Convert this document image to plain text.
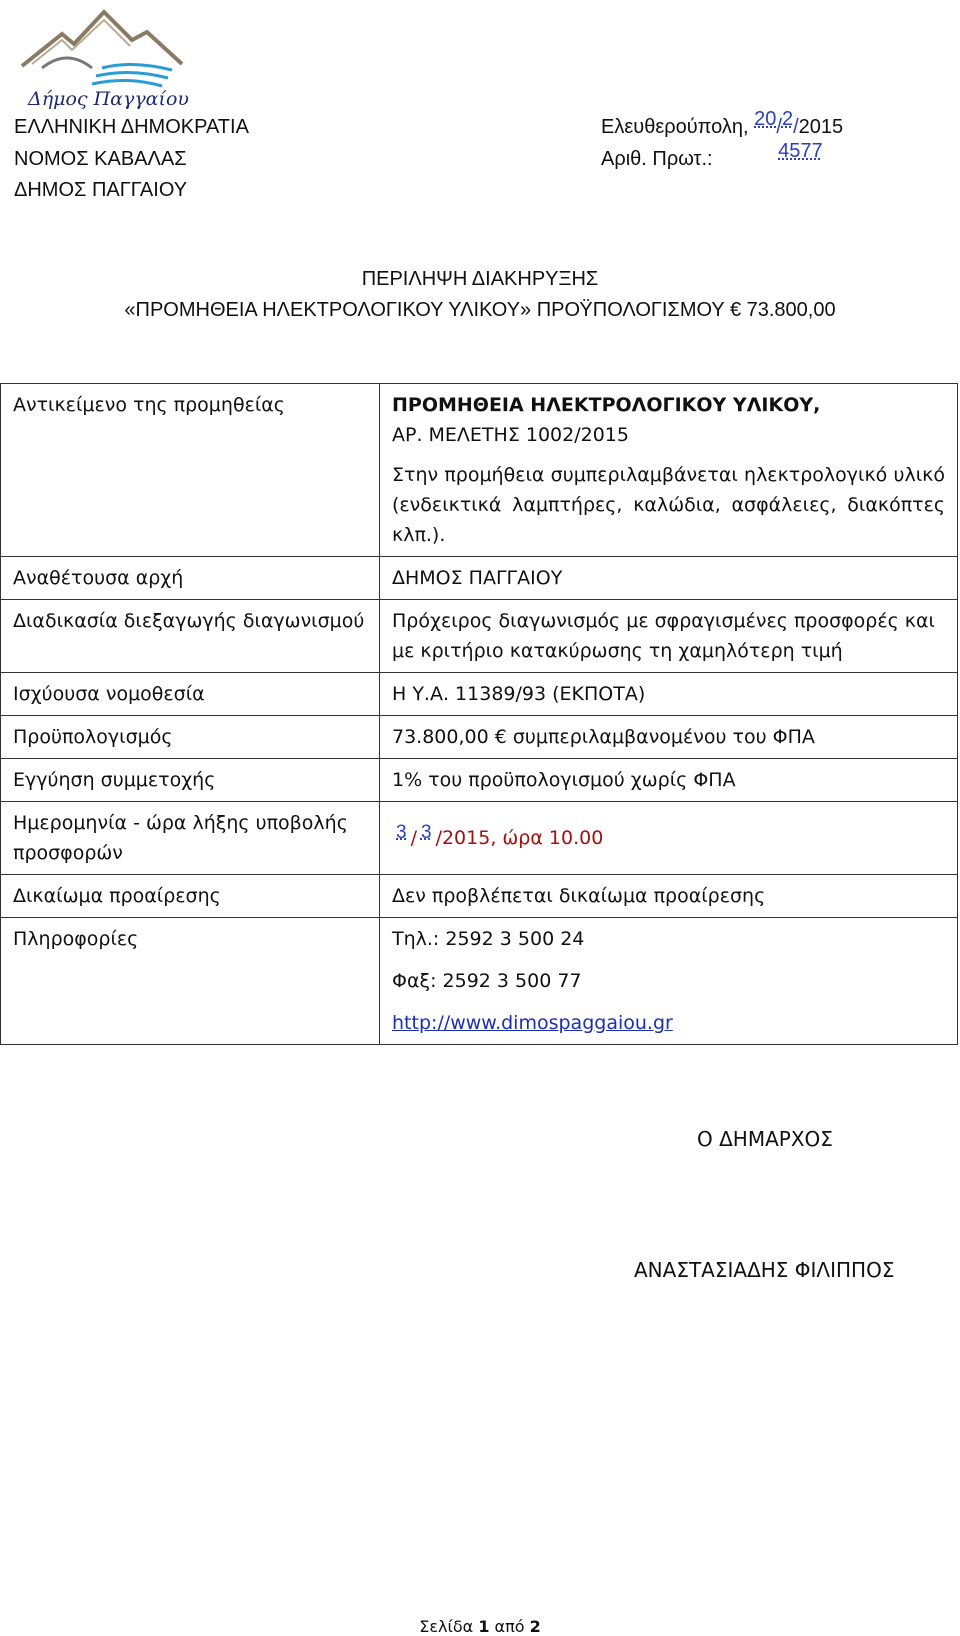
Δήμος Παγγαίου
ΕΛΛΗΝΙΚΗ ΔΗΜΟΚΡΑΤΙΑ
ΝΟΜΟΣ ΚΑΒΑΛΑΣ
ΔΗΜΟΣ ΠΑΓΓΑΙΟΥ
Ελευθερούπολη, 20/2/2015
Αριθ. Πρωτ.:	4577
ΠΕΡΙΛΗΨΗ ΔΙΑΚΗΡΥΞΗΣ
«ΠΡΟΜΗΘΕΙΑ ΗΛΕΚΤΡΟΛΟΓΙΚΟΥ ΥΛΙΚΟΥ» ΠΡΟΫΠΟΛΟΓΙΣΜΟΥ € 73.800,00
Αντικείμενο της προμηθείας	ΠΡΟΜΗΘΕΙΑ ΗΛΕΚΤΡΟΛΟΓΙΚΟΥ ΥΛΙΚΟΥ,
ΑΡ. ΜΕΛΕΤΗΣ 1002/2015
Στην προμήθεια συμπεριλαμβάνεται ηλεκτρολογικό υλικό (ενδεικτικά λαμπτήρες, καλώδια, ασφάλειες, διακόπτες κλπ.).

Αναθέτουσα αρχή	ΔΗΜΟΣ ΠΑΓΓΑΙΟΥ
Διαδικασία διεξαγωγής διαγωνισμού	Πρόχειρος διαγωνισμός με σφραγισμένες προσφορές και με κριτήριο κατακύρωσης τη χαμηλότερη τιμή
Ισχύουσα νομοθεσία	Η Υ.Α. 11389/93 (ΕΚΠΟΤΑ)
Προϋπολογισμός	73.800,00 € συμπεριλαμβανομένου του ΦΠΑ
Εγγύηση συμμετοχής	1% του προϋπολογισμού χωρίς ΦΠΑ
Ημερομηνία - ώρα λήξης υποβολής προσφορών	3 / 3 /2015, ώρα 10.00
Δικαίωμα προαίρεσης	Δεν προβλέπεται δικαίωμα προαίρεσης
Πληροφορίες	Τηλ.: 2592 3 500 24
Φαξ: 2592 3 500 77
http://www.dimospaggaiou.gr
Ο ΔΗΜΑΡΧΟΣ
ΑΝΑΣΤΑΣΙΑΔΗΣ ΦΙΛΙΠΠΟΣ
Σελίδα 1 από 2
